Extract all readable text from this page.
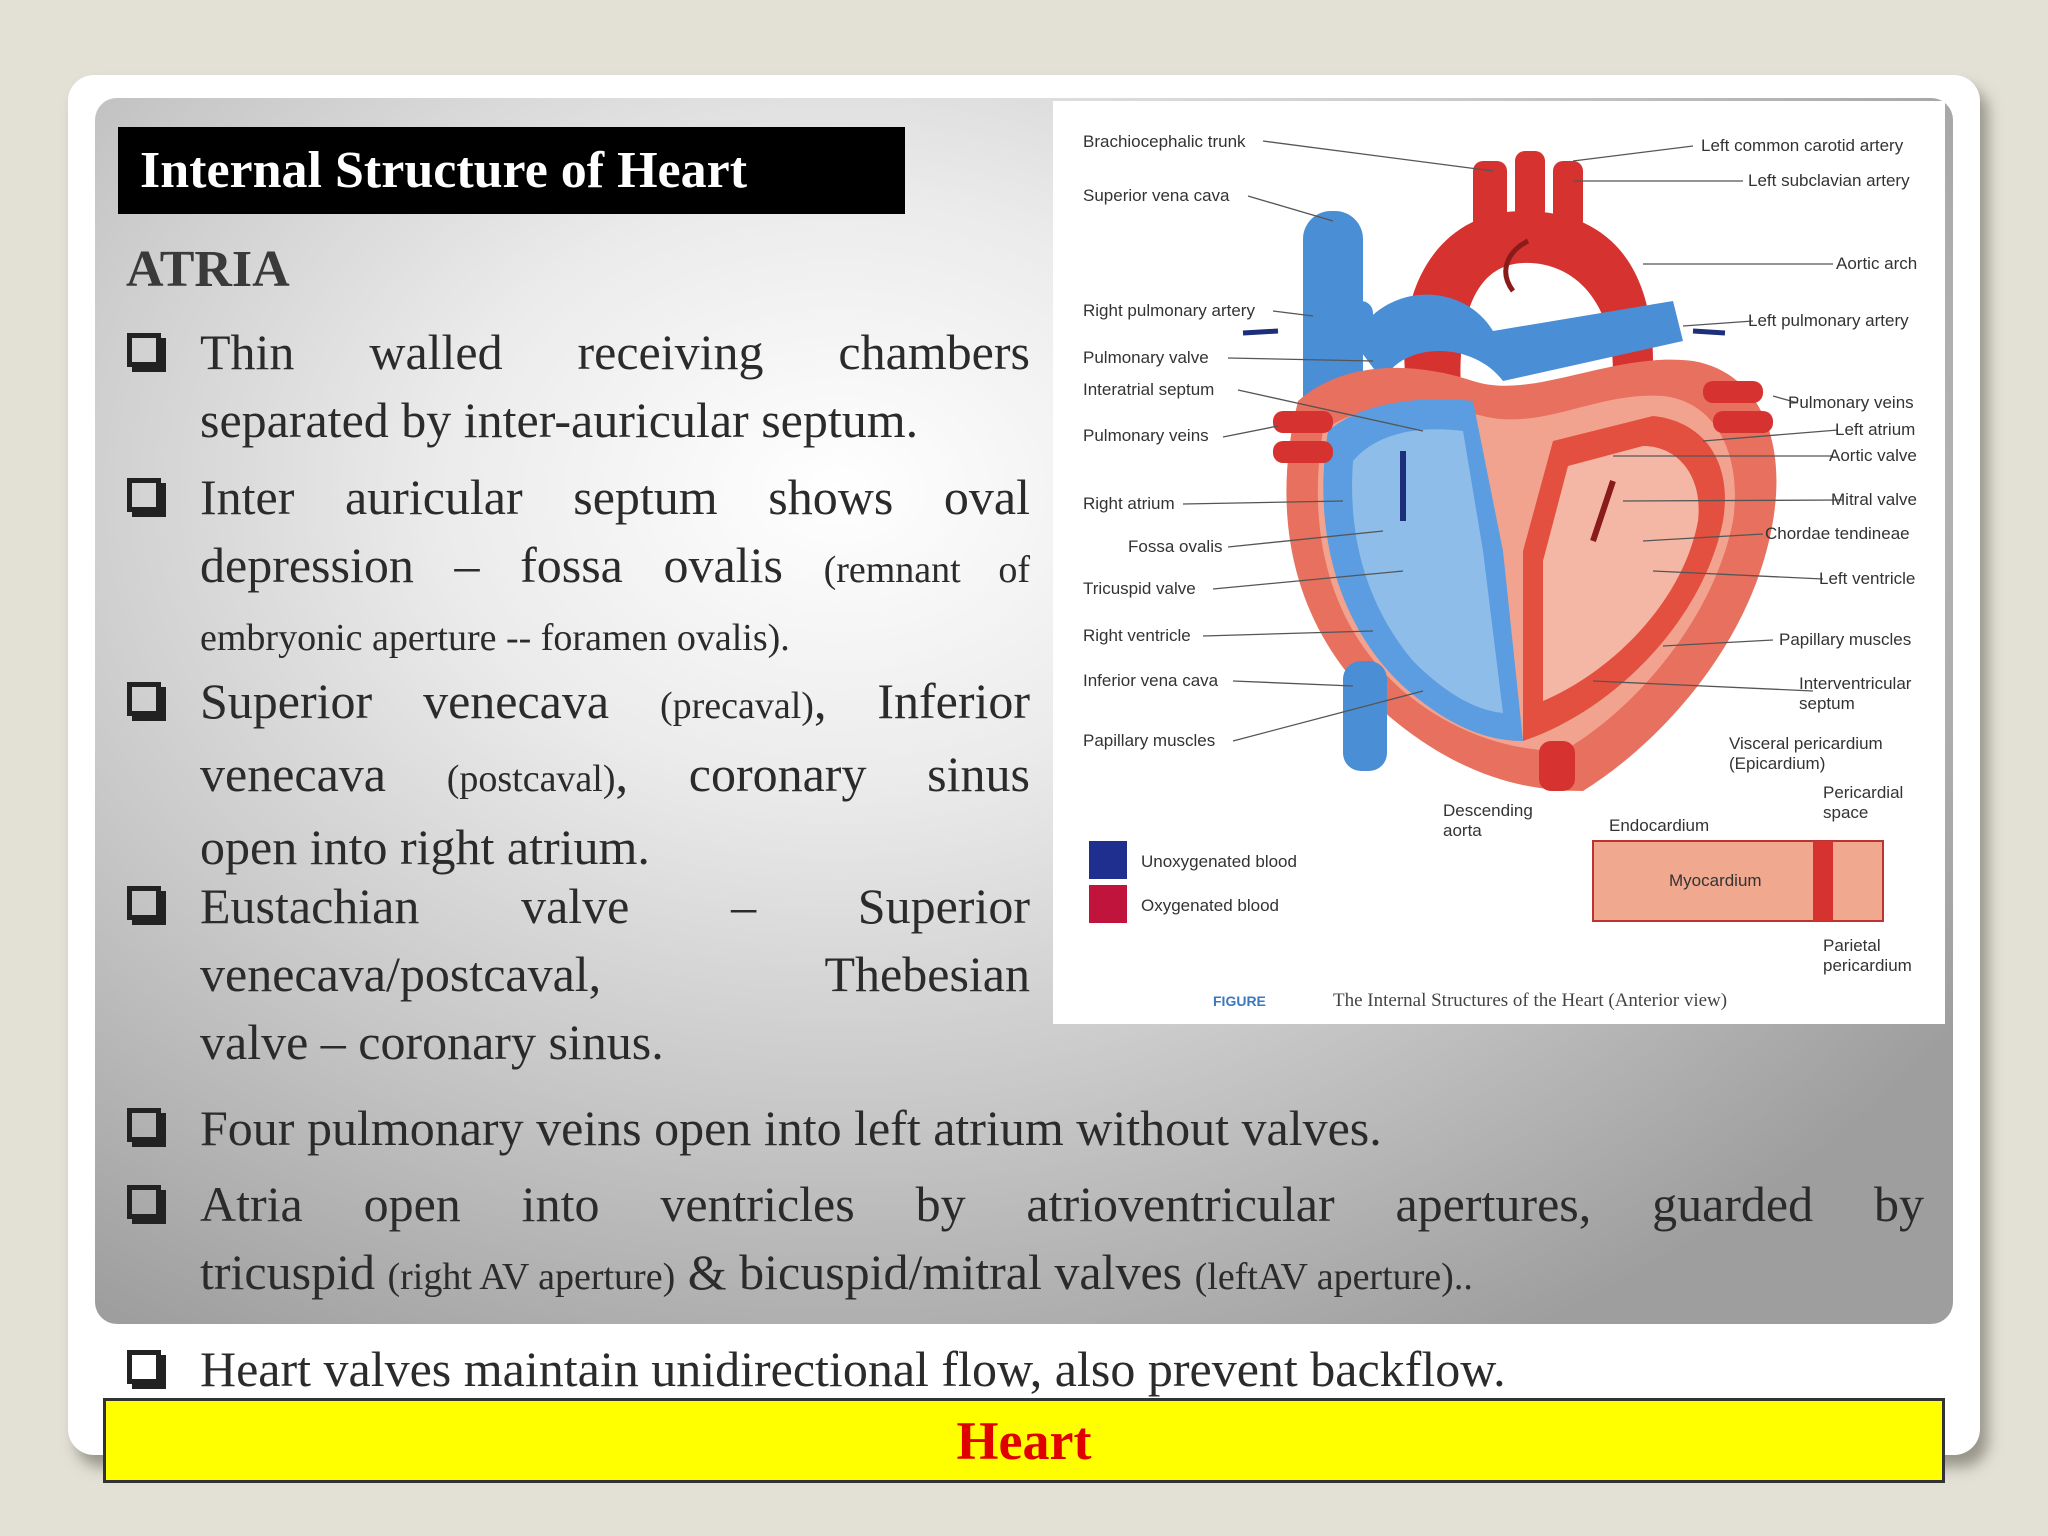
Internal Structure of Heart
ATRIA
Thin walled receiving chambers
separated by inter-auricular septum.
Inter auricular septum shows oval
depression – fossa ovalis (remnant of
embryonic aperture -- foramen ovalis).
Superior venecava (precaval), Inferior
venecava (postcaval), coronary sinus
open into right atrium.
Eustachian valve – Superior
venecava/postcaval, Thebesian
valve – coronary sinus.
Four pulmonary veins open into left atrium without valves.
Atria open into ventricles by atrioventricular apertures, guarded by
tricuspid (right AV aperture) & bicuspid/mitral valves (leftAV aperture)..
Heart valves maintain unidirectional flow, also prevent backflow.
Brachiocephalic trunk
Superior vena cava
Right pulmonary artery
Pulmonary valve
Interatrial septum
Pulmonary veins
Right atrium
Fossa ovalis
Tricuspid valve
Right ventricle
Inferior vena cava
Papillary muscles
Left common carotid artery
Left subclavian artery
Aortic arch
Left pulmonary artery
Pulmonary veins
Left atrium
Aortic valve
Mitral valve
Chordae tendineae
Left ventricle
Papillary muscles
Interventricular
septum
Visceral pericardium
(Epicardium)
Pericardial
space
Descending
aorta	Endocardium
Myocardium
Parietal
pericardium
Unoxygenated blood
Oxygenated blood
FIGURE	The Internal Structures of the Heart (Anterior view)
Heart
